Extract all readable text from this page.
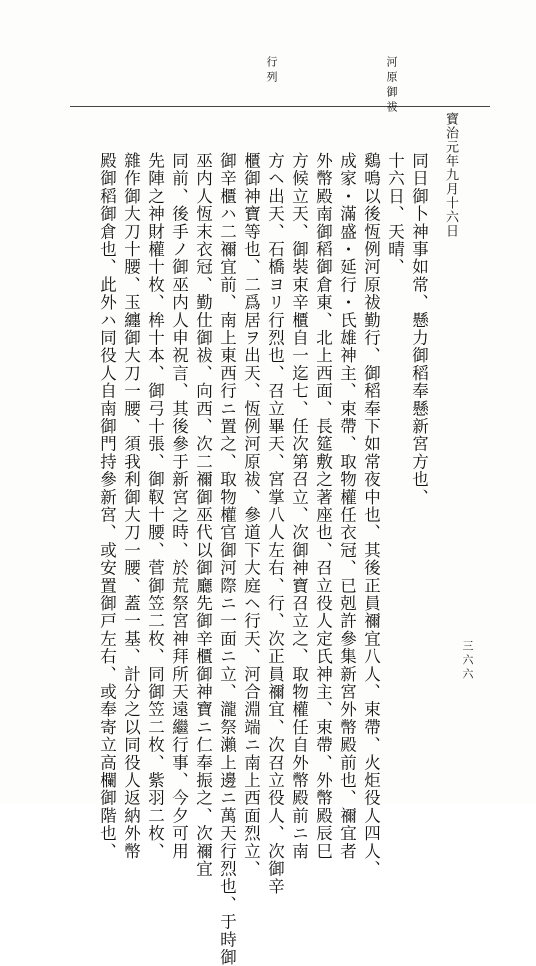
寶治元年九月十六日
河原御祓
行列
三六六
同日御卜神事如常、懸力御稻奉懸新宮方也、
十六日、天晴、
鷄鳴以後恆例河原祓勤行、御稻奉下如常夜中也、其後正員禰宜八人、束帶、火炬役人四人、
成家・滿盛・延行・氏雄神主、束帶、取物權任衣冠、已剋許參集新宮外幣殿前也、禰宜者
外幣殿南御稻御倉東、北上西面、長筵敷之著座也、召立役人定氏神主、束帶、外幣殿辰巳
方候立天、御裝束辛櫃自一迄七、任次第召立、次御神寶召立之、取物權任自外幣殿前ニ南
方ヘ出天、石橋ヨリ行烈也、召立畢天、宮掌八人左右、行、次正員禰宜、次召立役人、次御辛
櫃御神寶等也、二爲居ヲ出天、恆例河原祓、參道下大庭ヘ行天、河合淵端ニ南上西面烈立、
御辛櫃ハ二禰宜前、南上東西行ニ置之、取物權官御河際ニ一面ニ立、瀧祭瀨上邊ニ萬天行烈也、于時御
巫内人恆末衣冠、勤仕御祓、向西、次二禰御巫代以御廳先御辛櫃御神寶ニ仁奉振之、次禰宜
同前、後手ノ御巫内人申祝言、其後參于新宮之時、於荒祭宮神拜所天遠繼行事、今夕可用
先陣之神財權十枚、桙十本、御弓十張、御靫十腰、菅御笠二枚、同御笠二枚、紫羽二枚、
雜作御大刀十腰、玉纏御大刀一腰、須我利御大刀一腰、蓋一基、計分之以同役人返納外幣
殿御稻御倉也、此外ハ同役人自南御門持參新宮、或安置御戸左右、或奉寄立高欄御階也、
